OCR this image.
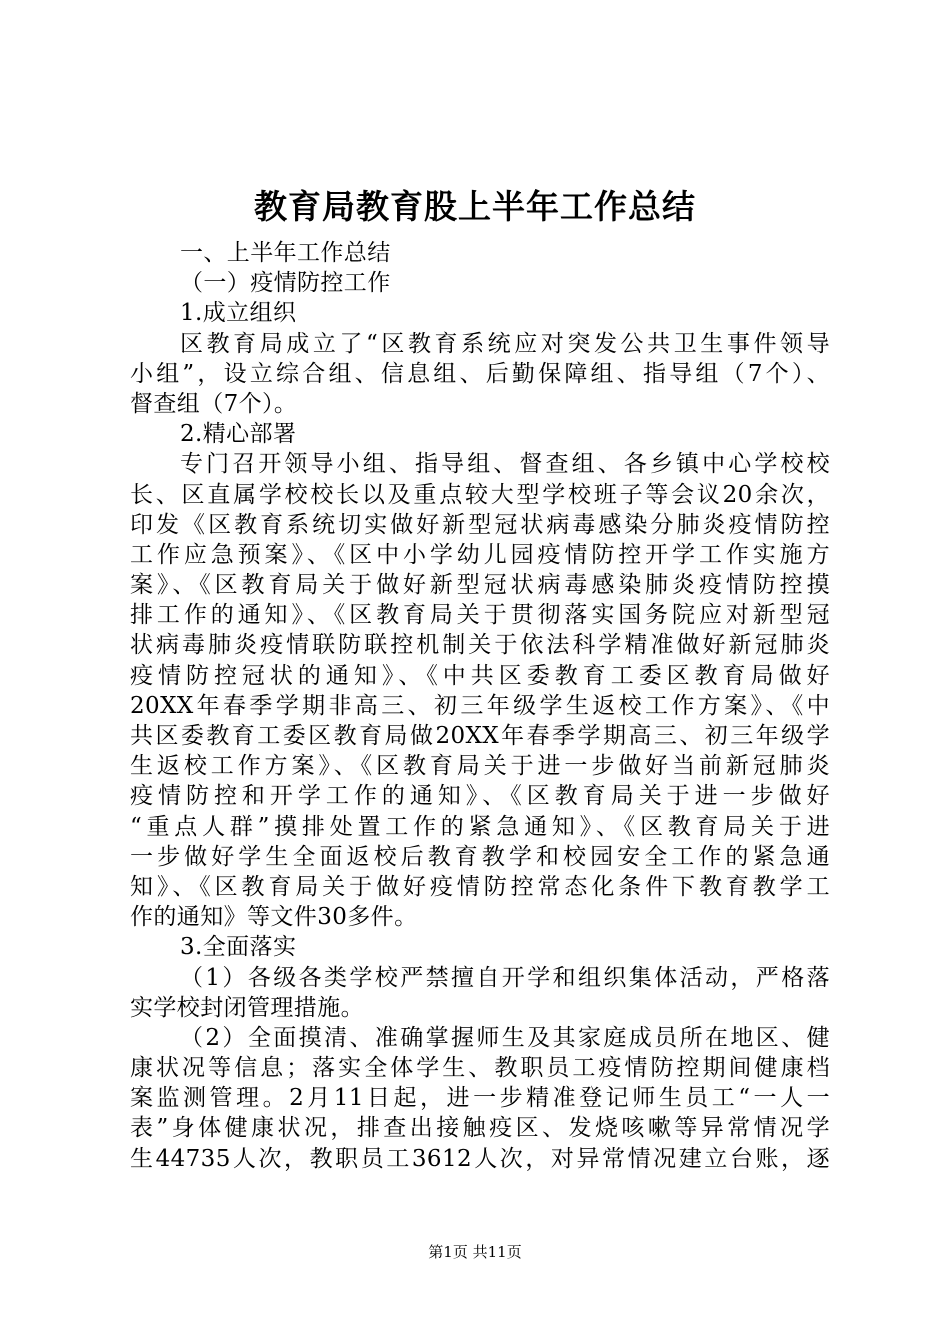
教育局教育股上半年工作总结
一、上半年工作总结
（一）疫情防控工作
1.成立组织
区教育局成立了“区教育系统应对突发公共卫生事件领导
小组”，设立综合组、信息组、后勤保障组、指导组（7个）、
督查组（7个）。
2.精心部署
专门召开领导小组、指导组、督查组、各乡镇中心学校校
长、区直属学校校长以及重点较大型学校班子等会议20余次，
印发《区教育系统切实做好新型冠状病毒感染分肺炎疫情防控
工作应急预案》、《区中小学幼儿园疫情防控开学工作实施方
案》、《区教育局关于做好新型冠状病毒感染肺炎疫情防控摸
排工作的通知》、《区教育局关于贯彻落实国务院应对新型冠
状病毒肺炎疫情联防联控机制关于依法科学精准做好新冠肺炎
疫情防控冠状的通知》、《中共区委教育工委区教育局做好
20XX年春季学期非高三、初三年级学生返校工作方案》、《中
共区委教育工委区教育局做20XX年春季学期高三、初三年级学
生返校工作方案》、《区教育局关于进一步做好当前新冠肺炎
疫情防控和开学工作的通知》、《区教育局关于进一步做好
“重点人群”摸排处置工作的紧急通知》、《区教育局关于进
一步做好学生全面返校后教育教学和校园安全工作的紧急通
知》、《区教育局关于做好疫情防控常态化条件下教育教学工
作的通知》等文件30多件。
3.全面落实
（1）各级各类学校严禁擅自开学和组织集体活动，严格落
实学校封闭管理措施。
（2）全面摸清、准确掌握师生及其家庭成员所在地区、健
康状况等信息；落实全体学生、教职员工疫情防控期间健康档
案监测管理。2月11日起，进一步精准登记师生员工“一人一
表”身体健康状况，排查出接触疫区、发烧咳嗽等异常情况学
生44735人次，教职员工3612人次，对异常情况建立台账，逐
第1页 共11页
